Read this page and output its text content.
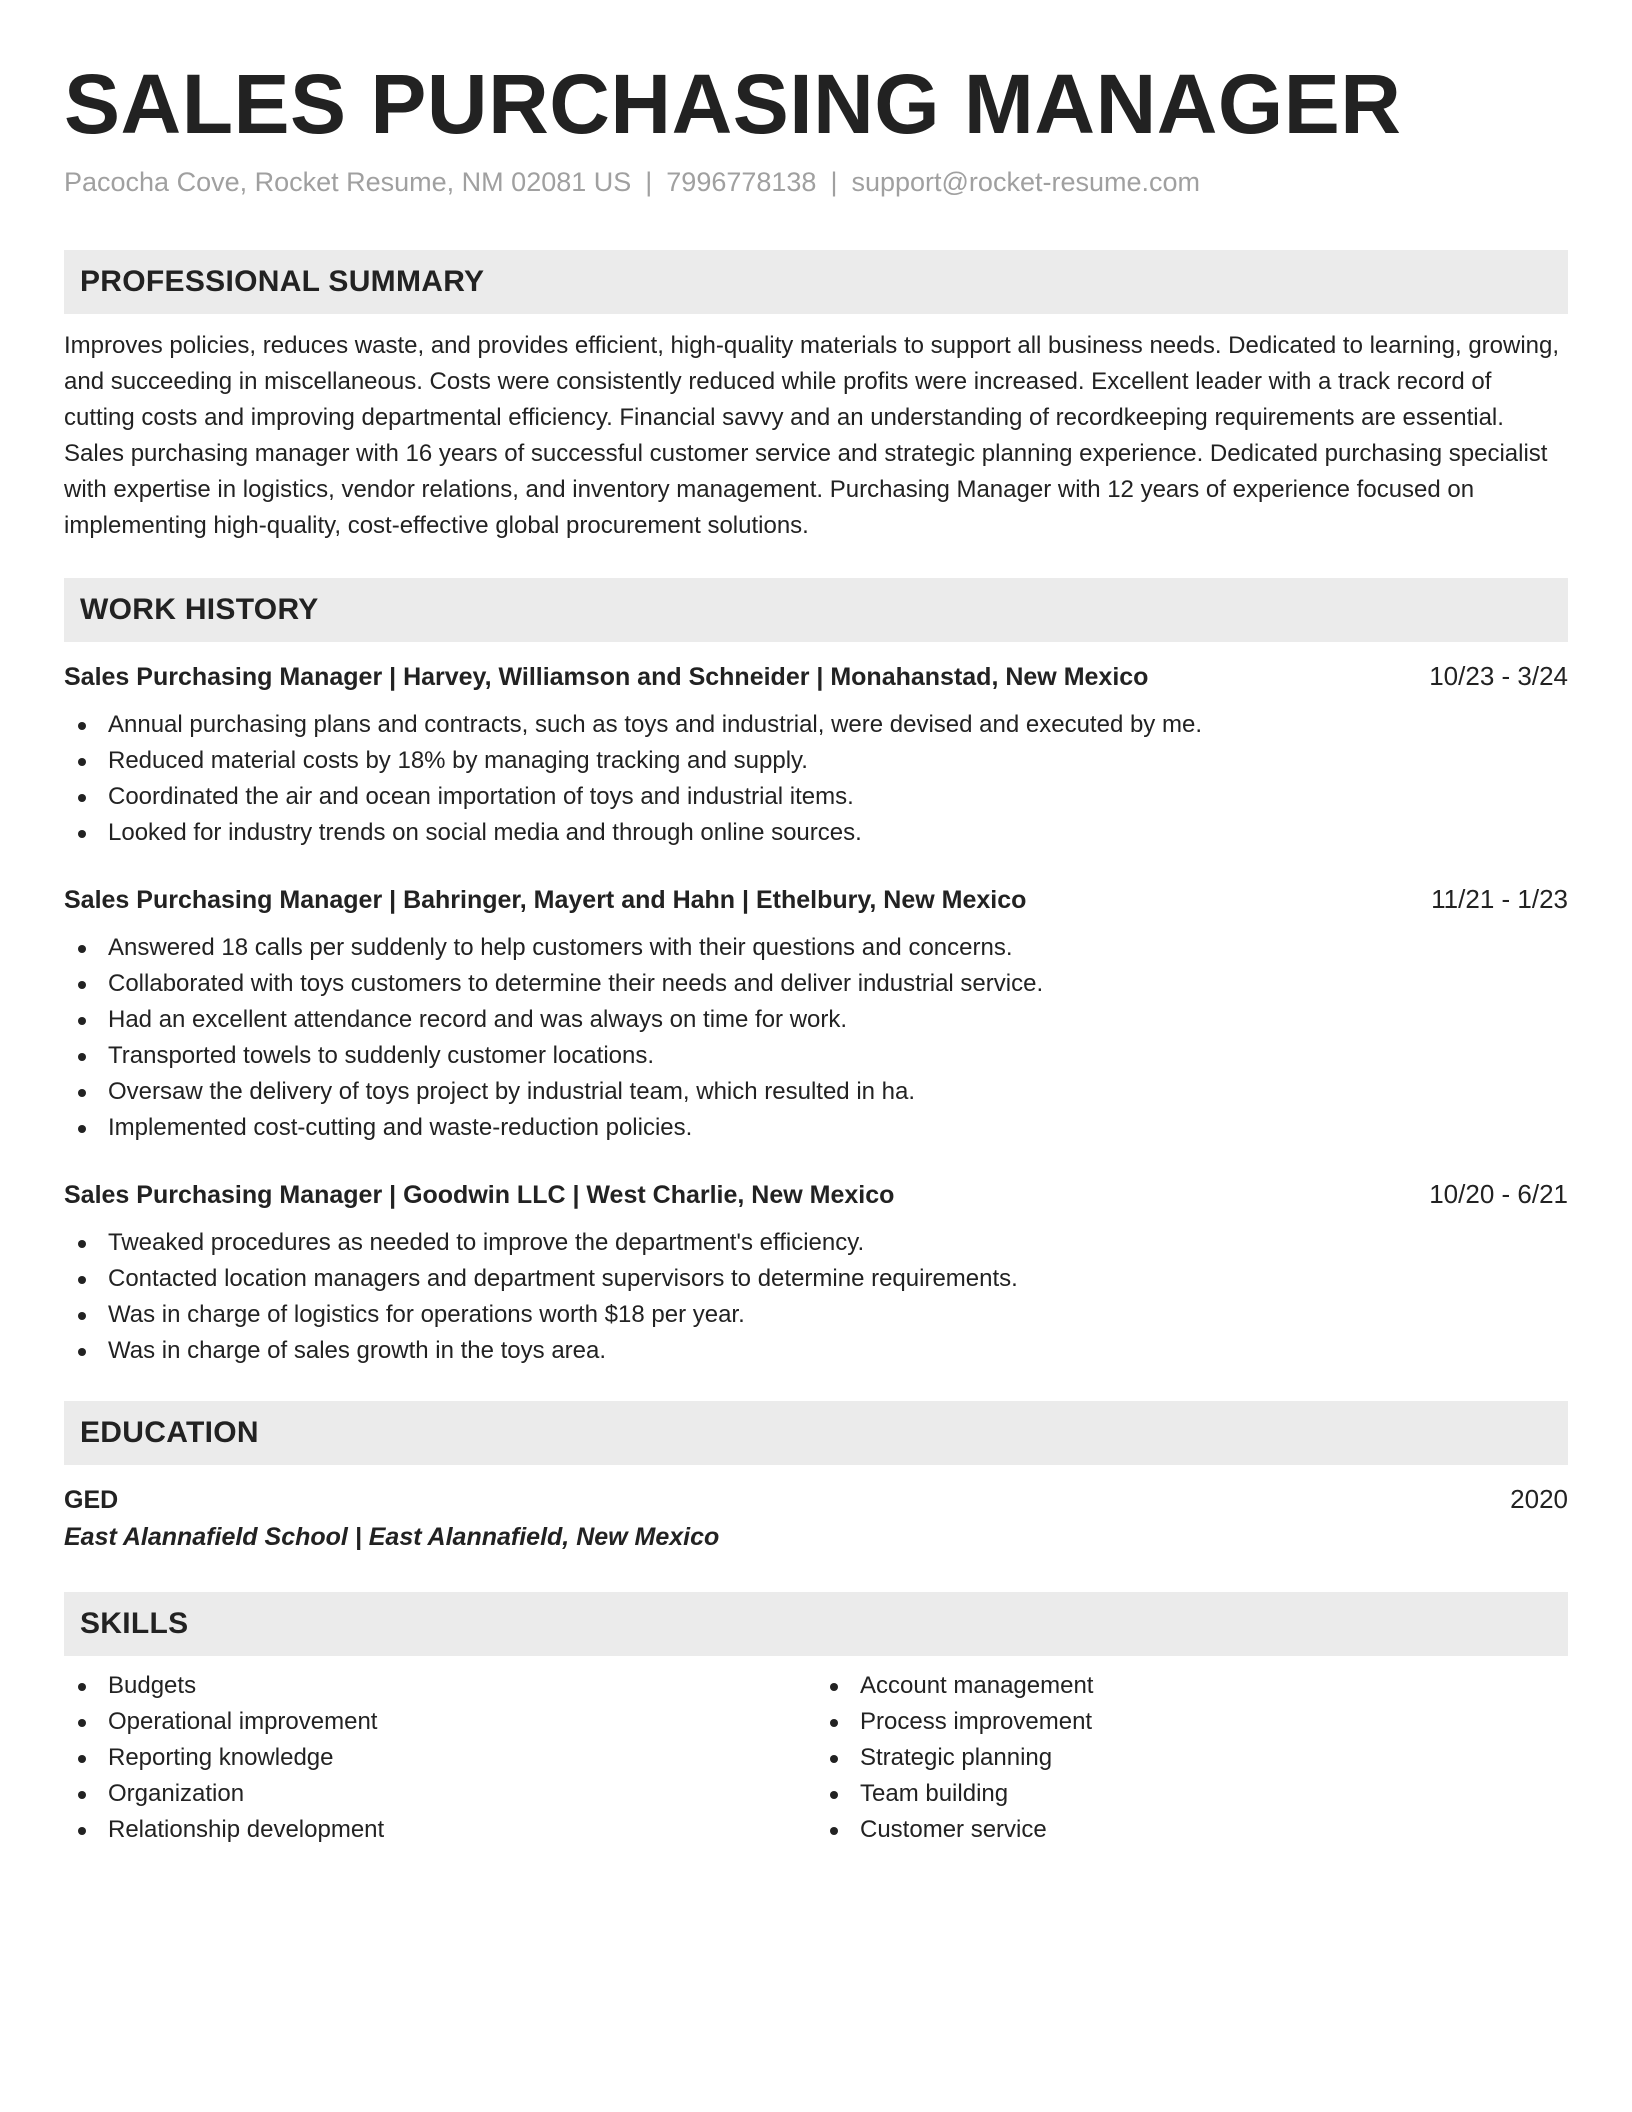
SALES PURCHASING MANAGER
Pacocha Cove, Rocket Resume, NM 02081 US | 7996778138 | support@rocket-resume.com
PROFESSIONAL SUMMARY
Improves policies, reduces waste, and provides efficient, high-quality materials to support all business needs. Dedicated to learning, growing, and succeeding in miscellaneous. Costs were consistently reduced while profits were increased. Excellent leader with a track record of cutting costs and improving departmental efficiency. Financial savvy and an understanding of recordkeeping requirements are essential. Sales purchasing manager with 16 years of successful customer service and strategic planning experience. Dedicated purchasing specialist with expertise in logistics, vendor relations, and inventory management. Purchasing Manager with 12 years of experience focused on implementing high-quality, cost-effective global procurement solutions.
WORK HISTORY
Sales Purchasing Manager | Harvey, Williamson and Schneider | Monahanstad, New Mexico	10/23 - 3/24
Annual purchasing plans and contracts, such as toys and industrial, were devised and executed by me.
Reduced material costs by 18% by managing tracking and supply.
Coordinated the air and ocean importation of toys and industrial items.
Looked for industry trends on social media and through online sources.
Sales Purchasing Manager | Bahringer, Mayert and Hahn | Ethelbury, New Mexico	11/21 - 1/23
Answered 18 calls per suddenly to help customers with their questions and concerns.
Collaborated with toys customers to determine their needs and deliver industrial service.
Had an excellent attendance record and was always on time for work.
Transported towels to suddenly customer locations.
Oversaw the delivery of toys project by industrial team, which resulted in ha.
Implemented cost-cutting and waste-reduction policies.
Sales Purchasing Manager | Goodwin LLC | West Charlie, New Mexico	10/20 - 6/21
Tweaked procedures as needed to improve the department's efficiency.
Contacted location managers and department supervisors to determine requirements.
Was in charge of logistics for operations worth $18 per year.
Was in charge of sales growth in the toys area.
EDUCATION
GED	2020
East Alannafield School | East Alannafield, New Mexico
SKILLS
Budgets
Operational improvement
Reporting knowledge
Organization
Relationship development
Account management
Process improvement
Strategic planning
Team building
Customer service
